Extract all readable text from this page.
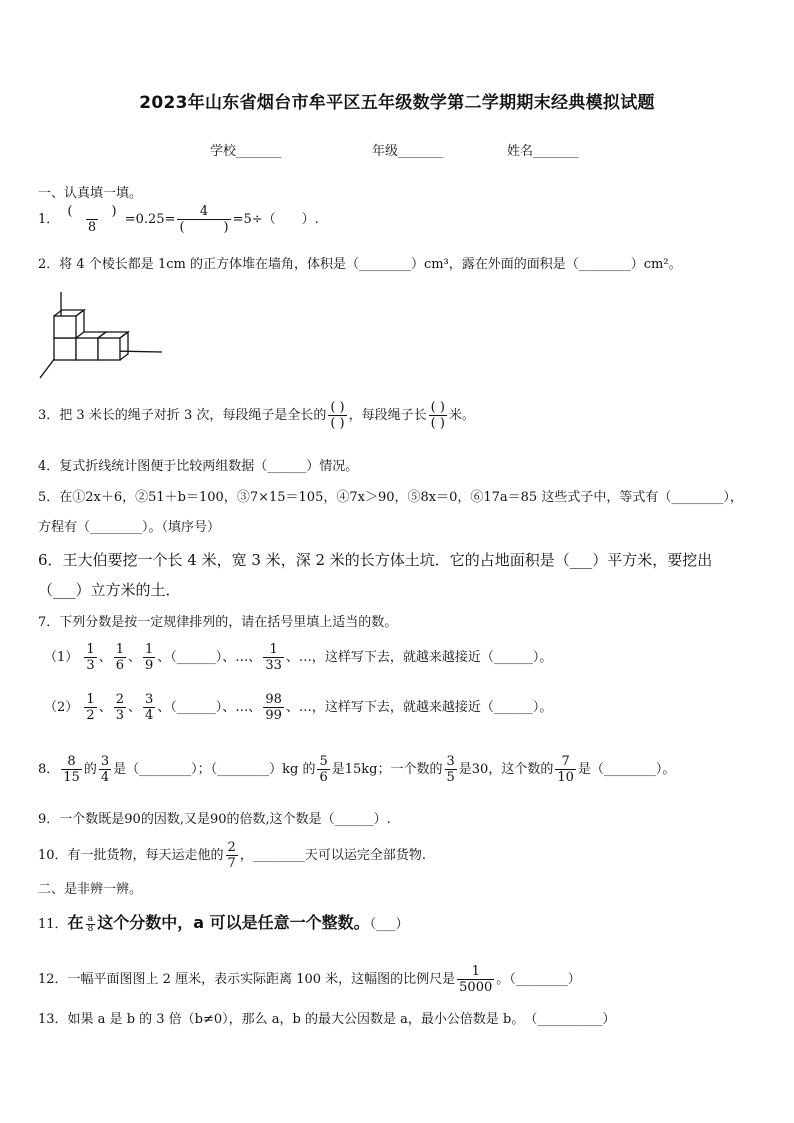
2023年山东省烟台市牟平区五年级数学第二学期期末经典模拟试题
学校_______	年级_______	姓名_______
一、认真填一填。
1． $\frac{( )}{8} =0.25= \frac{4}{( )} =5\div$（　　）.
2．将 4 个棱长都是 1cm 的正方体堆在墙角，体积是（________）cm³，露在外面的面积是（________）cm²。
3．把 3 米长的绳子对折 3 次，每段绳子是全长的 $\frac{( )}{( )}$ ，每段绳子长 $\frac{( )}{( )}$ 米。
4．复式折线统计图便于比较两组数据（______）情况。
5．在①2x＋6，②51＋b＝100，③7×15＝105，④7x＞90，⑤8x＝0，⑥17a＝85 这些式子中，等式有（________），
方程有（________）。（填序号）
6．王大伯要挖一个长 4 米，宽 3 米，深 2 米的长方体土坑．它的占地面积是（___）平方米，要挖出
（___）立方米的土．
7．下列分数是按一定规律排列的，请在括号里填上适当的数。
$(1) \frac{1}{3}$ 、 $\frac{1}{6}$ 、 $\frac{1}{9}$ 、（______）、…、 $\frac{1}{33}$ 、…，这样写下去，就越来越接近（______）。
$(2) \frac{1}{2}$ 、 $\frac{2}{3}$ 、 $\frac{3}{4}$ 、（______）、…、 $\frac{98}{99}$ 、…，这样写下去，就越来越接近（______）。
8． $\frac{8}{15}$ 的 $\frac{3}{4}$ 是（________）；（________）kg 的 $\frac{5}{6}$ 是15kg；一个数的 $\frac{3}{5}$ 是30，这个数的 $\frac{7}{10}$ 是（________）。
9．一个数既是90的因数,又是90的倍数,这个数是（______）.
10．有一批货物，每天运走他的 $\frac{2}{7}$ ，________天可以运完全部货物.
二、是非辨一辨。
11．在 $\frac{a}{8}$ 这个分数中，a 可以是任意一个整数。（___）
12．一幅平面图图上 2 厘米，表示实际距离 100 米，这幅图的比例尺是 $\frac{1}{5000}$ 。（________）
13．如果 a 是 b 的 3 倍（b≠0），那么 a，b 的最大公因数是 a，最小公倍数是 b。　（__________）
